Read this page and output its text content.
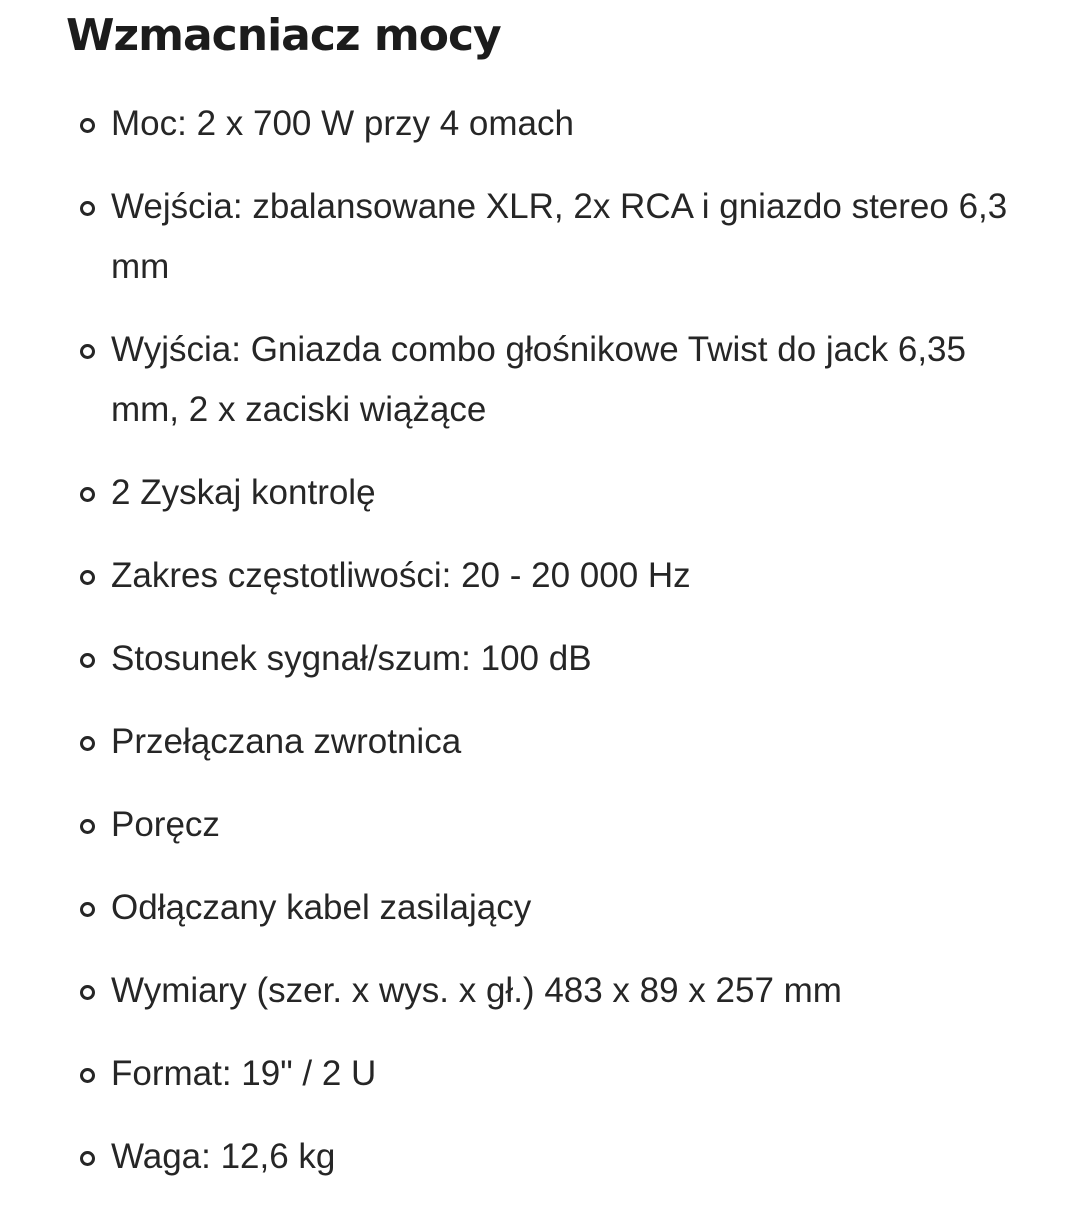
Wzmacniacz mocy
Moc: 2 x 700 W przy 4 omach
Wejścia: zbalansowane XLR, 2x RCA i gniazdo stereo 6,3 mm
Wyjścia: Gniazda combo głośnikowe Twist do jack 6,35 mm, 2 x zaciski wiążące
2 Zyskaj kontrolę
Zakres częstotliwości: 20 - 20 000 Hz
Stosunek sygnał/szum: 100 dB
Przełączana zwrotnica
Poręcz
Odłączany kabel zasilający
Wymiary (szer. x wys. x gł.) 483 x 89 x 257 mm
Format: 19" / 2 U
Waga: 12,6 kg
